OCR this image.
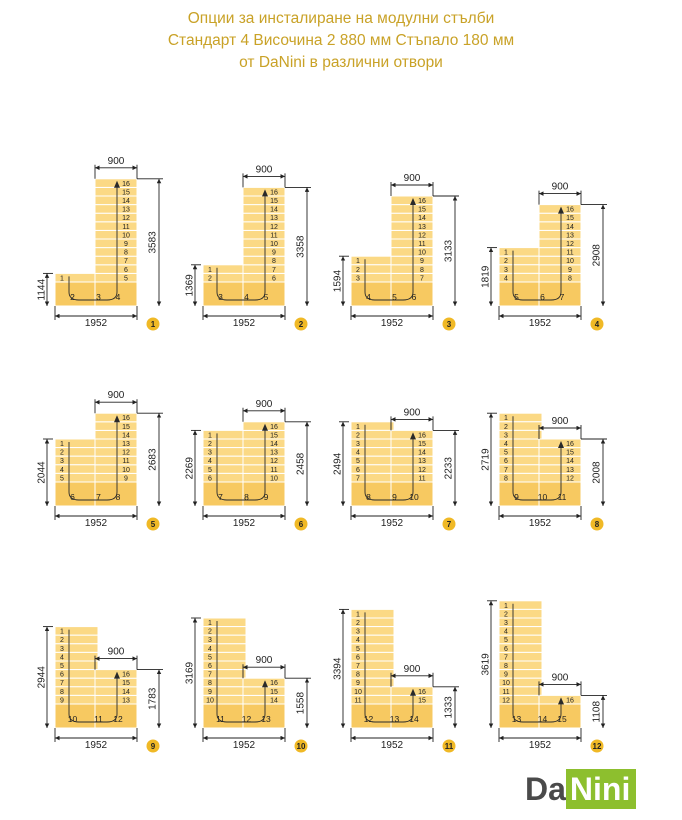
Опции за инсталиране на модулни стълби
Стандарт 4 Височина 2 880 мм Стъпало 180 мм
от DaNini в различни отвори
2	3 4
1	5
6
7
8
9
10
11
12
13
14
15
16
1144
3583
900
1952	1
3	4 5
1
2	6
7
8
9
10
11
12
13
14
15
16
1369
3358
900
1952	2
4	5 6
1
2
3	7
8
9
10
11
12
13
14
15
16
1594
3133
900
1952	3
5	6 7
1
2
3
4	8
9
10
11
12
13
14
15
16
1819
2908
900
1952	4
6	7 8
1
2
3
4
5	9
10
11
12
13
14
15
16
2044
2683
900
1952	5
7	8 9
1
2
3
4
5
6	10
11
12
13
14
15
16
2269	2458
900
1952	6
8	9 10
1
2
3
4
5
6
7	11
12
13
14
15
16
2494	2233
900
1952	7
9 10 11
1
2
3
4
5
6
7
8	12
13
14
15
16
2719
2008
900
1952	8
10 11 12
1
2
3
4
5
6
7
8
9	13
14
15
16
2944
1783
900
1952	9
11 12 13
1
2
3
4
5
6
7
8
9
10	14
15
16
3169
1558
900
1952	10
12 13 14
1
2
3
4
5
6
7
8
9
10
11	15
16
3394
1333
900
1952	11
13 14 15
1
2
3
4
5
6
7
8
9
10
11
12	16
3619
1108
900
1952	12
Da Nini
